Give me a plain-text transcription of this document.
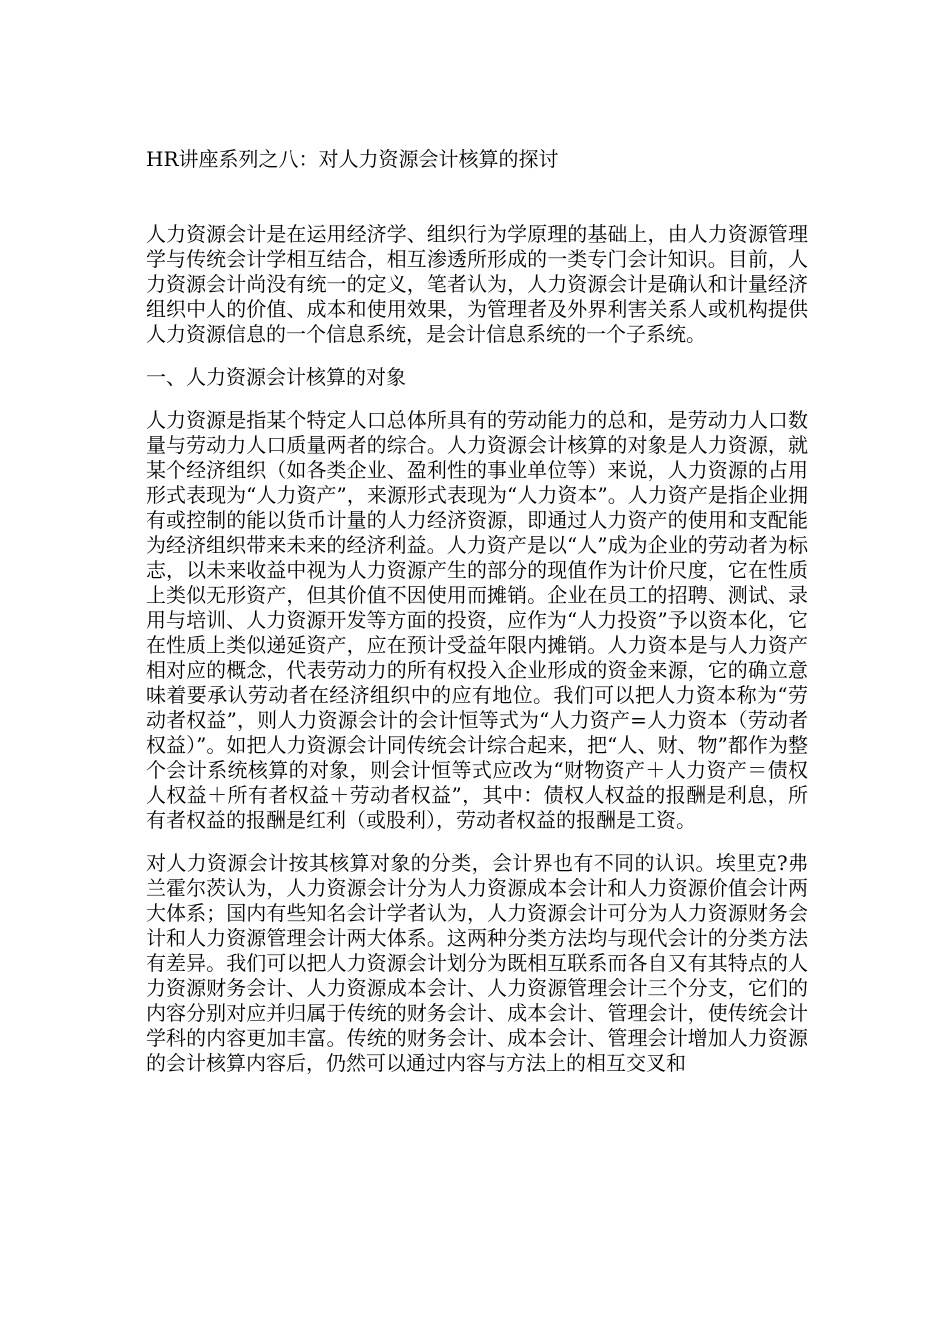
HR讲座系列之八：对人力资源会计核算的探讨

人力资源会计是在运用经济学、组织行为学原理的基础上，由人力资源管理学与传统会计学相互结合，相互渗透所形成的一类专门会计知识。目前，人力资源会计尚没有统一的定义，笔者认为，人力资源会计是确认和计量经济组织中人的价值、成本和使用效果，为管理者及外界利害关系人或机构提供人力资源信息的一个信息系统，是会计信息系统的一个子系统。

一、人力资源会计核算的对象

人力资源是指某个特定人口总体所具有的劳动能力的总和，是劳动力人口数量与劳动力人口质量两者的综合。人力资源会计核算的对象是人力资源，就某个经济组织（如各类企业、盈利性的事业单位等）来说，人力资源的占用形式表现为“人力资产”，来源形式表现为“人力资本”。人力资产是指企业拥有或控制的能以货币计量的人力经济资源，即通过人力资产的使用和支配能为经济组织带来未来的经济利益。人力资产是以“人”成为企业的劳动者为标志，以未来收益中视为人力资源产生的部分的现值作为计价尺度，它在性质上类似无形资产，但其价值不因使用而摊销。企业在员工的招聘、测试、录用与培训、人力资源开发等方面的投资，应作为“人力投资”予以资本化，它在性质上类似递延资产，应在预计受益年限内摊销。人力资本是与人力资产相对应的概念，代表劳动力的所有权投入企业形成的资金来源，它的确立意味着要承认劳动者在经济组织中的应有地位。我们可以把人力资本称为“劳动者权益”，则人力资源会计的会计恒等式为“人力资产=人力资本（劳动者权益）”。如把人力资源会计同传统会计综合起来，把“人、财、物”都作为整个会计系统核算的对象，则会计恒等式应改为“财物资产＋人力资产＝债权人权益＋所有者权益＋劳动者权益”，其中：债权人权益的报酬是利息，所有者权益的报酬是红利（或股利），劳动者权益的报酬是工资。

对人力资源会计按其核算对象的分类，会计界也有不同的认识。埃里克?弗兰霍尔茨认为，人力资源会计分为人力资源成本会计和人力资源价值会计两大体系；国内有些知名会计学者认为，人力资源会计可分为人力资源财务会计和人力资源管理会计两大体系。这两种分类方法均与现代会计的分类方法有差异。我们可以把人力资源会计划分为既相互联系而各自又有其特点的人力资源财务会计、人力资源成本会计、人力资源管理会计三个分支，它们的内容分别对应并归属于传统的财务会计、成本会计、管理会计，使传统会计学科的内容更加丰富。传统的财务会计、成本会计、管理会计增加人力资源的会计核算内容后，仍然可以通过内容与方法上的相互交叉和
